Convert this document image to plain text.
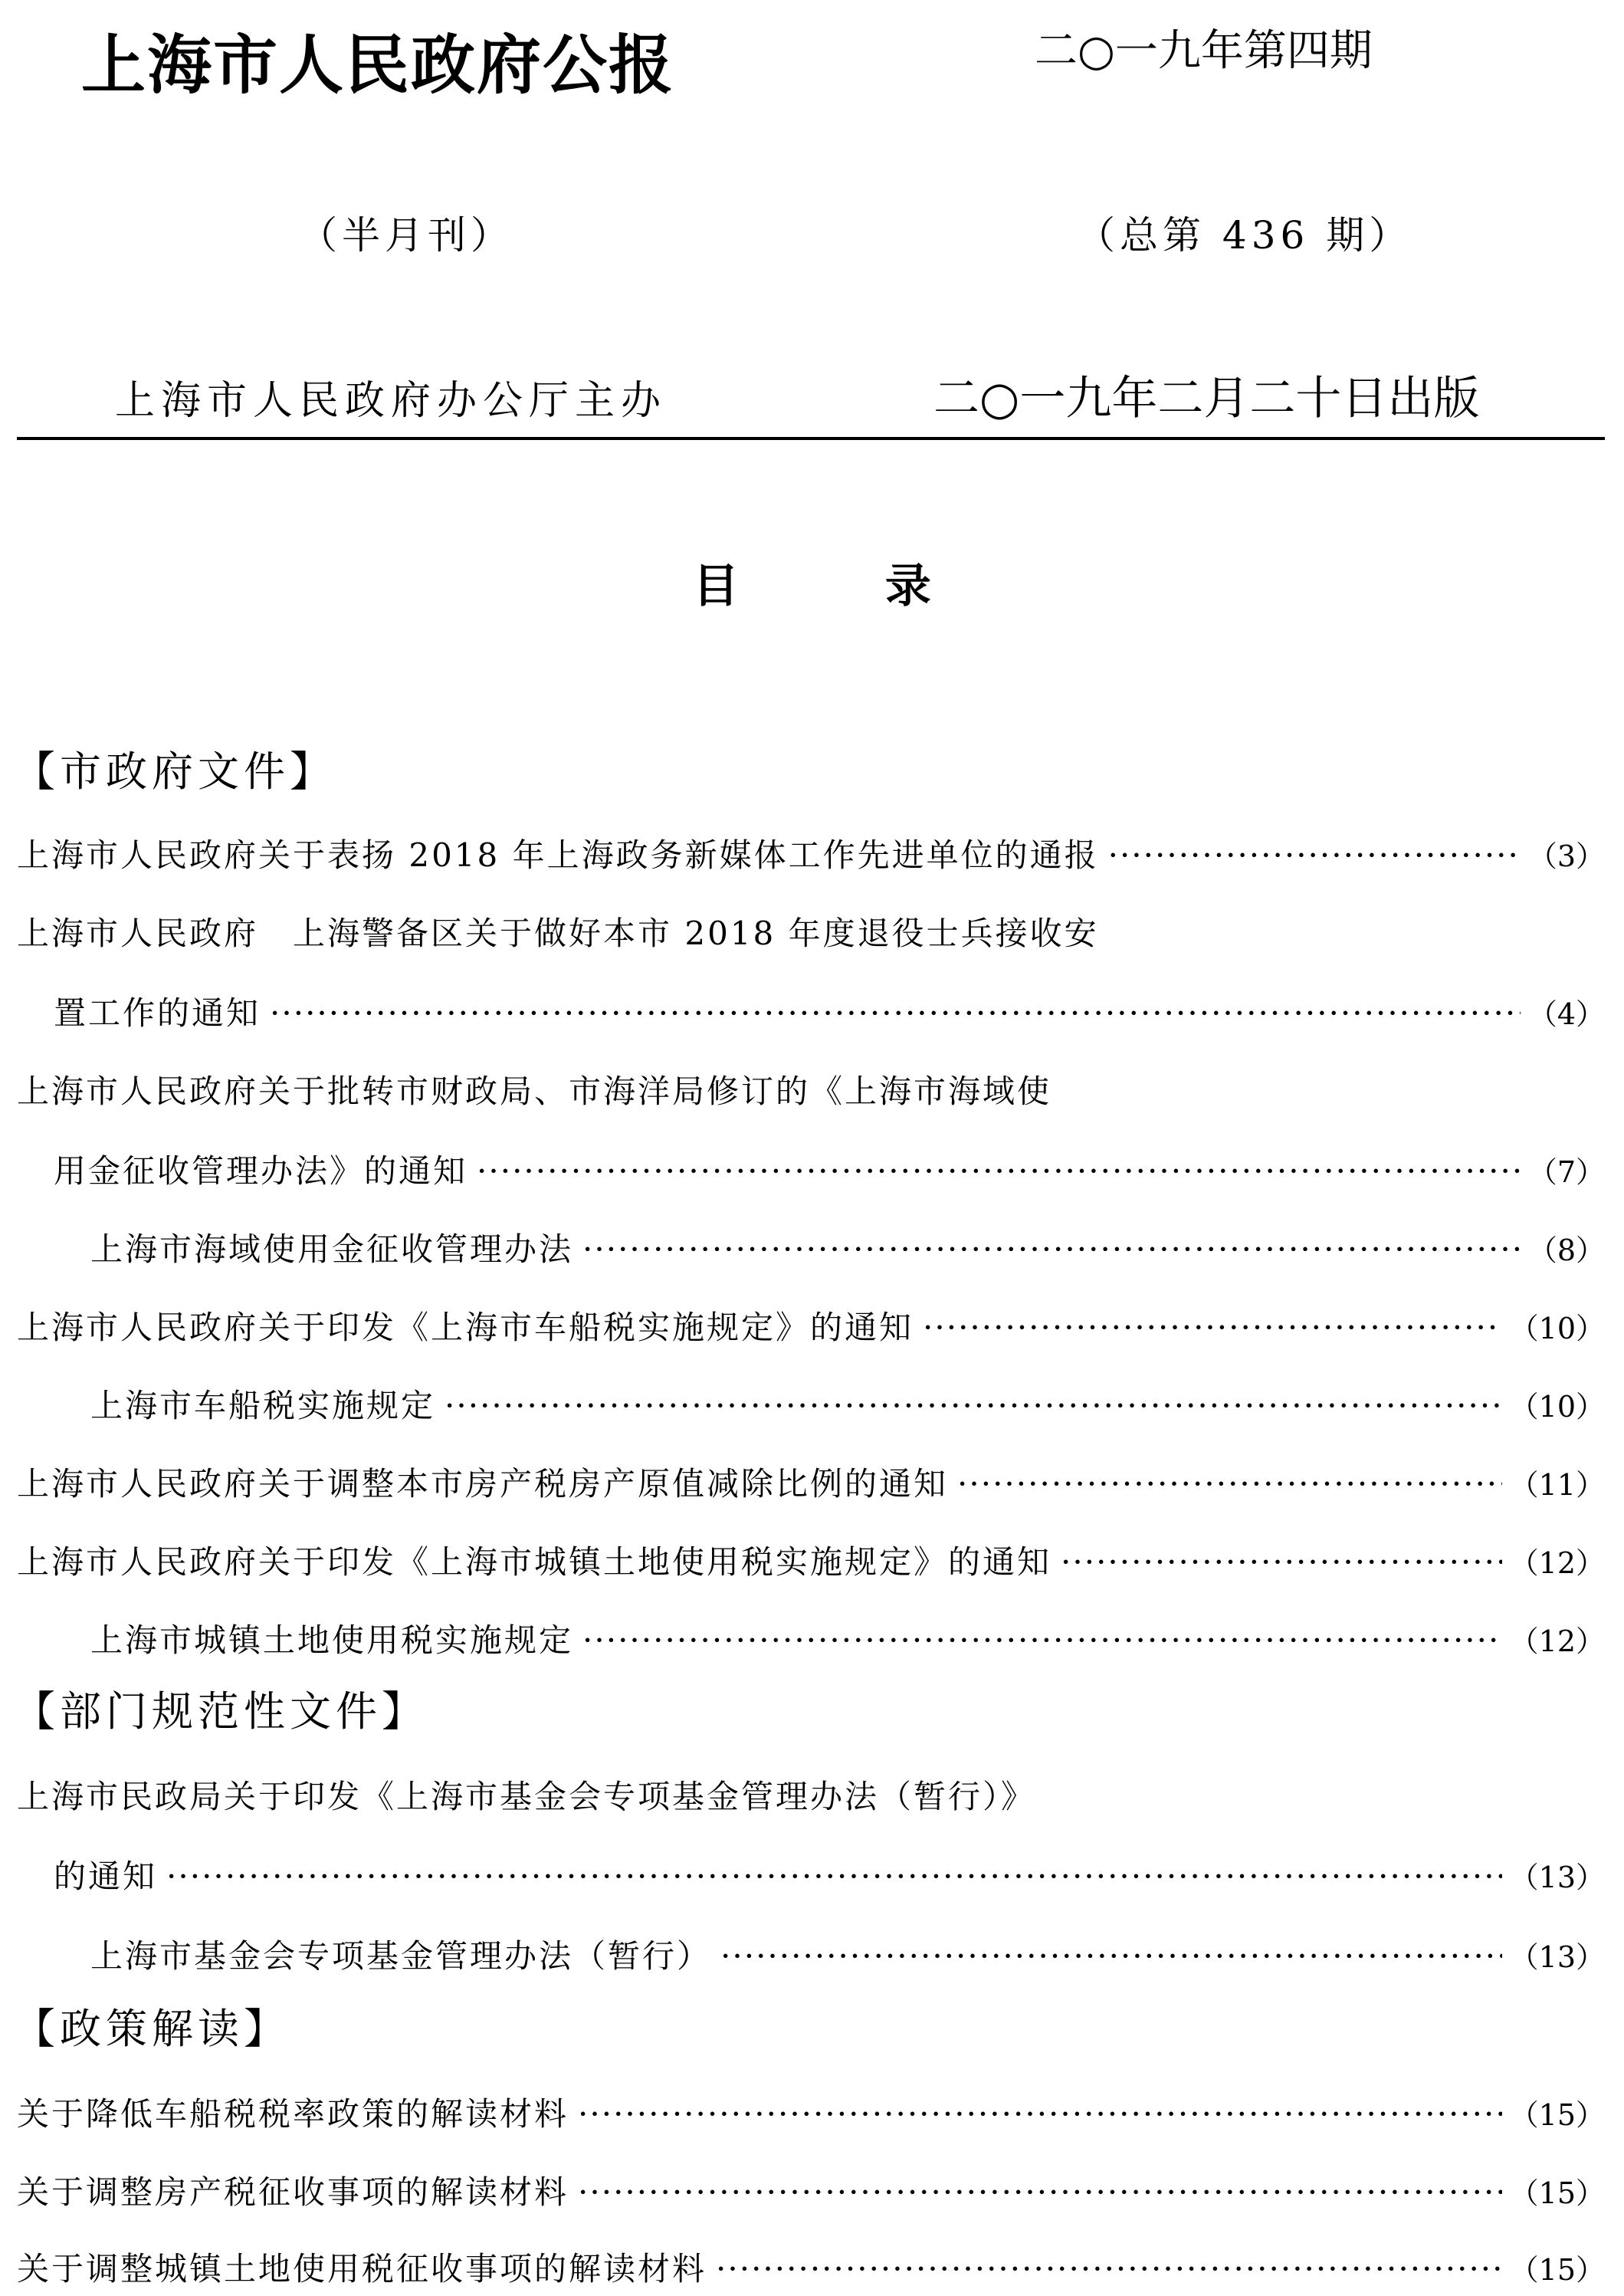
上海市人民政府公报	二○一九年第四期
（半月刊）	（总第 436 期）
上海市人民政府办公厅主办	二○一九年二月二十日出版
目 录
【市政府文件】
上海市人民政府关于表扬 2018 年上海政务新媒体工作先进单位的通报 ·····	（3）
上海市人民政府　上海警备区关于做好本市 2018 年度退役士兵接收安
置工作的通知 ·····	（4）
上海市人民政府关于批转市财政局、市海洋局修订的《上海市海域使
用金征收管理办法》的通知 ·····	（7）
上海市海域使用金征收管理办法 ·····	（8）
上海市人民政府关于印发《上海市车船税实施规定》的通知 ·····	（10）
上海市车船税实施规定 ·····	（10）
上海市人民政府关于调整本市房产税房产原值减除比例的通知 ·····	（11）
上海市人民政府关于印发《上海市城镇土地使用税实施规定》的通知 ·····	（12）
上海市城镇土地使用税实施规定 ·····	（12）
【部门规范性文件】
上海市民政局关于印发《上海市基金会专项基金管理办法（暂行）》
的通知 ·····	（13）
上海市基金会专项基金管理办法（暂行） ·····	（13）
【政策解读】
关于降低车船税税率政策的解读材料 ·····	（15）
关于调整房产税征收事项的解读材料 ·····	（15）
关于调整城镇土地使用税征收事项的解读材料 ·····	（15）
